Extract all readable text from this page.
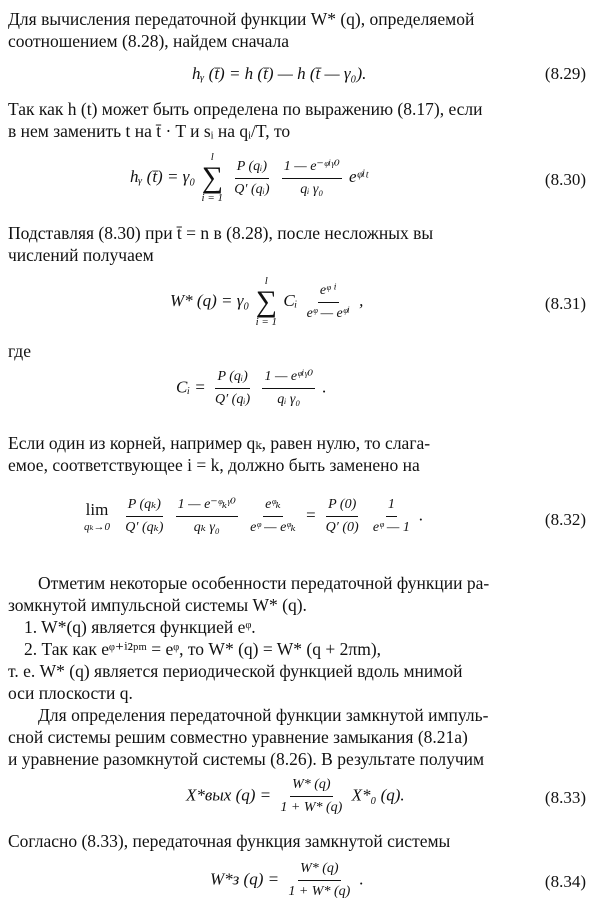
Для вычисления передаточной функции W* (q), определяемой
соотношением (8.28), найдем сначала
hᵧ (t̄) = h (t̄) — h (t̄ — γ₀).	(8.29)
Так как h (t) может быть определена по выражению (8.17), если
в нем заменить t на t̄ · T и sᵢ на qᵢ/T, то
hᵧ (t̄) = γ₀
l
∑
i = 1
$\frac{\text{P (qᵢ)}}{\text{Q′ (qᵢ)}}$
$\frac{\text{1 — e⁻ᵠⁱᵞ⁰}}{\text{qᵢ γ₀}}$ eᵠⁱᵗ	(8.30)
Подставляя (8.30) при t̄ = n в (8.28), после несложных вы
числений получаем
W* (q) = γ₀
l
∑
i = 1
Cᵢ $\frac{\text{eᵠ ⁱ}}{\text{eᵠ — eᵠⁱ}}$ ,	(8.31)
где
Cᵢ = $\frac{\text{P (qᵢ)}}{\text{Q′ (qᵢ)}}$
$\frac{\text{1 — eᵠⁱᵞ⁰}}{\text{qᵢ γ₀}}$ .
Если один из корней, например qₖ, равен нулю, то слага-
емое, соответствующее i = k, должно быть заменено на
lim
qₖ→0
$\frac{\text{P (qₖ)}}{\text{Q′ (qₖ)}}$
$\frac{\text{1 — e⁻ᵠₖᵞ⁰}}{\text{qₖ γ₀}}$
$\frac{\text{eᵠₖ}}{\text{eᵠ — eᵠₖ}} = \frac{P (0)}{Q' (0)}$
$\frac{1}{\text{eᵠ — 1}}$ .	(8.32)
Отметим некоторые особенности передаточной функции ра-
зомкнутой импульсной системы W* (q).
1. W*(q) является функцией eᵠ.
2. Так как eᵠ⁺ⁱ²ᵖᵐ = eᵠ, то W* (q) = W* (q + 2πm),
т. е. W* (q) является периодической функцией вдоль мнимой
оси плоскости q.
Для определения передаточной функции замкнутой импуль-
сной системы решим совместно уравнение замыкания (8.21a)
и уравнение разомкнутой системы (8.26). В результате получим
X*вых $(q) = \frac{W* (q)}{1 + W* (q)} X*_0$ (q).	(8.33)
Согласно (8.33), передаточная функция замкнутой системы
W*з $(q) = \frac{W* (q)}{1 + W* (q)}$ .	(8.34)
